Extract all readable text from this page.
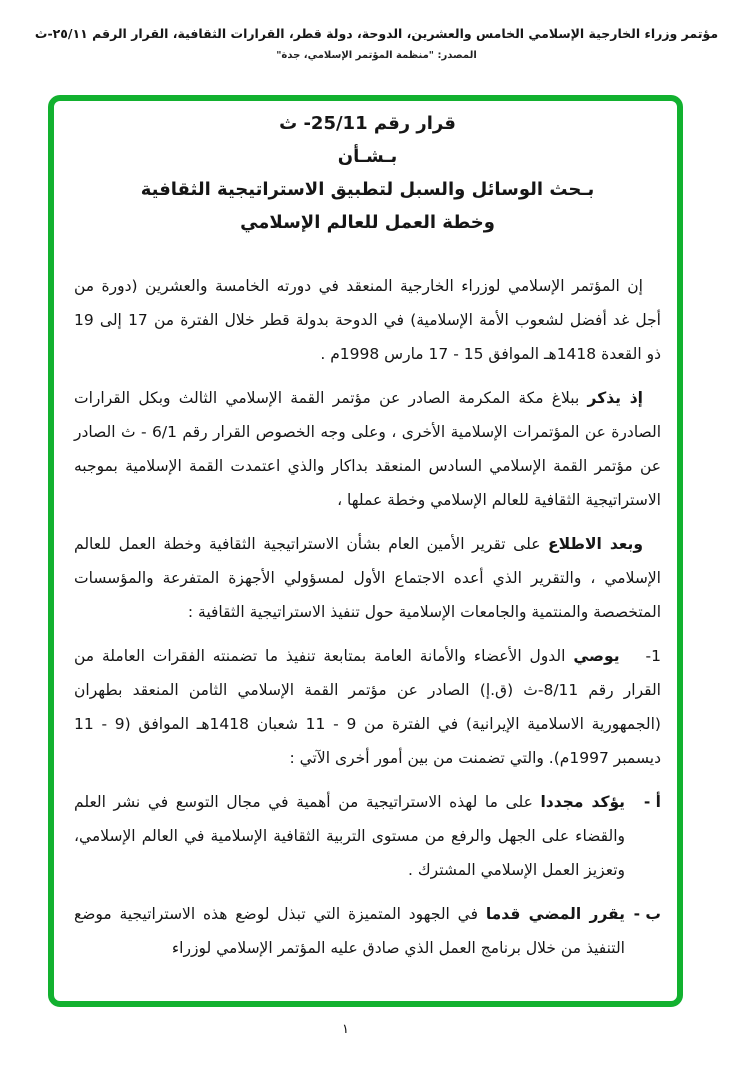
مؤتمر وزراء الخارجية الإسلامي الخامس والعشرين، الدوحة، دولة قطر، القرارات الثقافية، القرار الرقم ٢٥/١١-ث
المصدر: "منظمة المؤتمر الإسلامي، جدة"
قرار رقم 25/11- ث
بـشـأن
بـحث الوسائل والسبل لتطبيق الاستراتيجية الثقافية
وخطة العمل للعالم الإسلامي

إن المؤتمر الإسلامي لوزراء الخارجية المنعقد في دورته الخامسة والعشرين (دورة من أجل غد أفضل لشعوب الأمة الإسلامية) في الدوحة بدولة قطر خلال الفترة من 17 إلى 19 ذو القعدة 1418هـ الموافق 15 - 17 مارس 1998م .

إذ يذكر ببلاغ مكة المكرمة الصادر عن مؤتمر القمة الإسلامي الثالث وبكل القرارات الصادرة عن المؤتمرات الإسلامية الأخرى ، وعلى وجه الخصوص القرار رقم 6/1 - ث الصادر عن مؤتمر القمة الإسلامي السادس المنعقد بداكار والذي اعتمدت القمة الإسلامية بموجبه الاستراتيجية الثقافية للعالم الإسلامي وخطة عملها ،

وبعد الاطلاع على تقرير الأمين العام بشأن الاستراتيجية الثقافية وخطة العمل للعالم الإسلامي ، والتقرير الذي أعده الاجتماع الأول لمسؤولي الأجهزة المتفرعة والمؤسسات المتخصصة والمنتمية والجامعات الإسلامية حول تنفيذ الاستراتيجية الثقافية :

1-يوصي الدول الأعضاء والأمانة العامة بمتابعة تنفيذ ما تضمنته الفقرات العاملة من القرار رقم 8/11-ث (ق.إ) الصادر عن مؤتمر القمة الإسلامي الثامن المنعقد بطهران (الجمهورية الاسلامية الإيرانية) في الفترة من 9 - 11 شعبان 1418هـ الموافق (9 - 11 ديسمبر 1997م). والتي تضمنت من بين أمور أخرى الآتي :

أ -
يؤكد مجددا على ما لهذه الاستراتيجية من أهمية في مجال التوسع في نشر العلم والقضاء على الجهل والرفع من مستوى التربية الثقافية الإسلامية في العالم الإسلامي، وتعزيز العمل الإسلامي المشترك .
ب -
يقرر المضي قدما في الجهود المتميزة التي تبذل لوضع هذه الاستراتيجية موضع التنفيذ من خلال برنامج العمل الذي صادق عليه المؤتمر الإسلامي لوزراء
١
